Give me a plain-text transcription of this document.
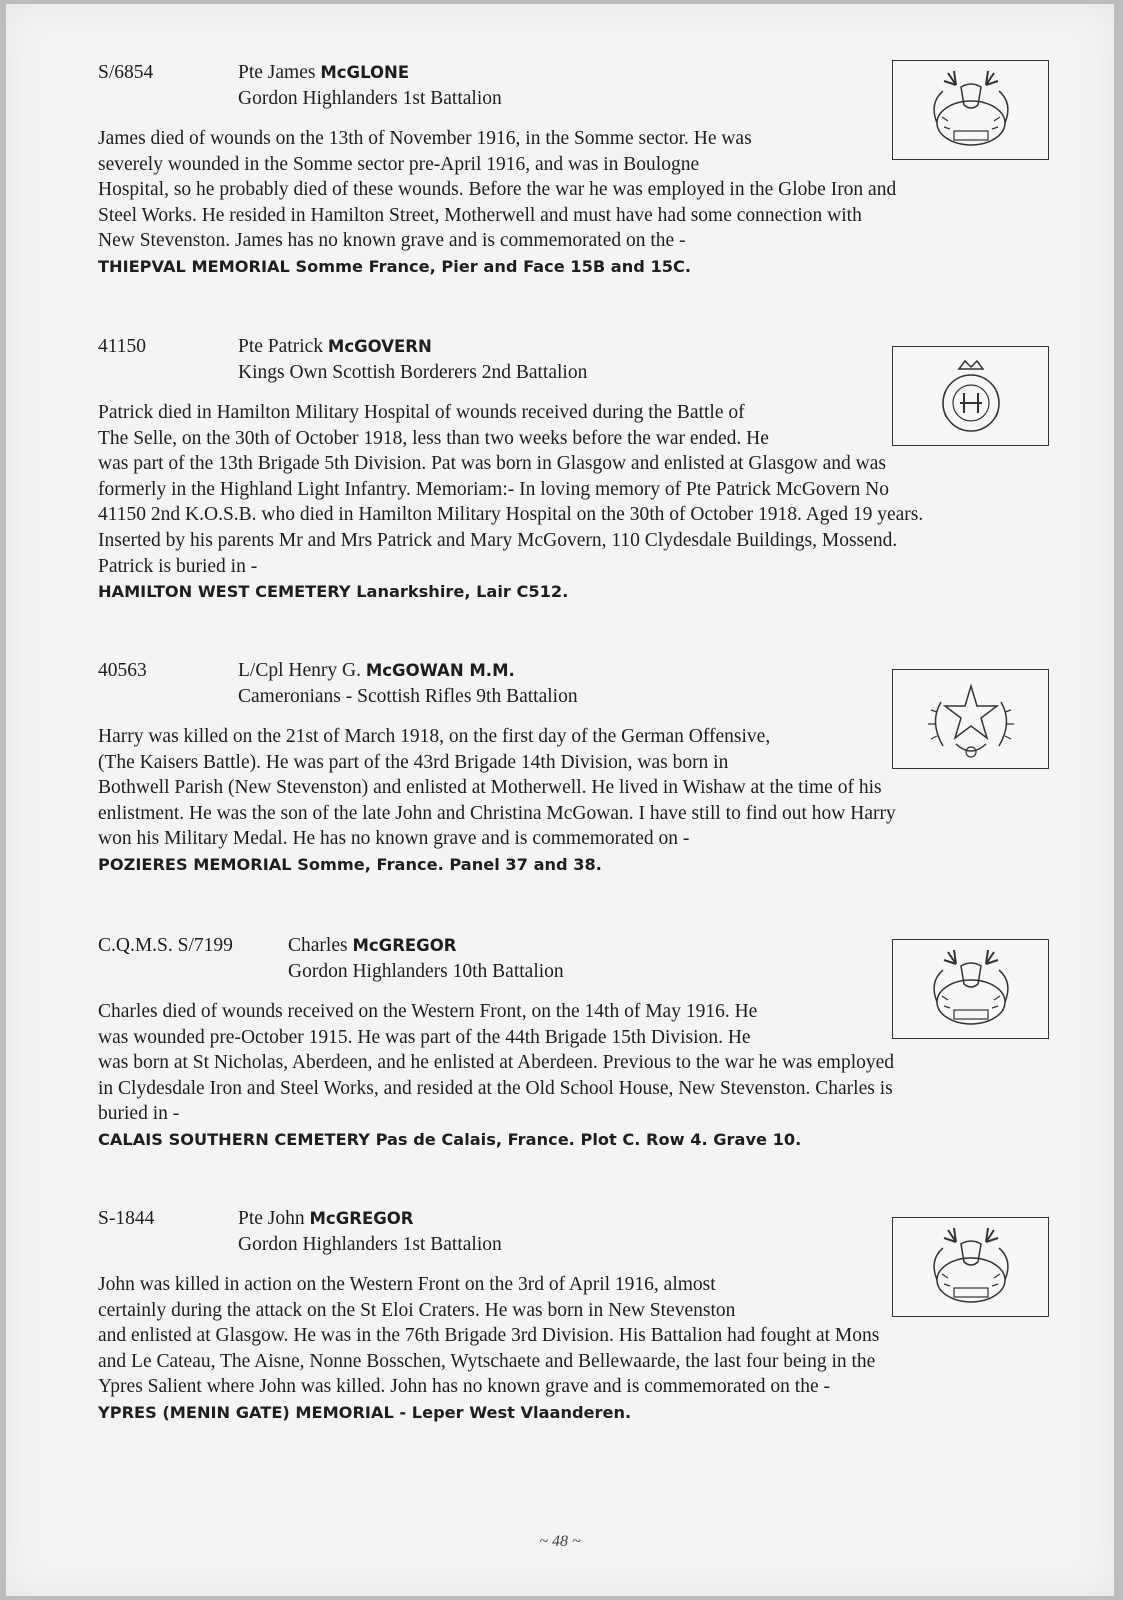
S/6854	Pte James McGLONE
Gordon Highlanders 1st Battalion
James died of wounds on the 13th of November 1916, in the Somme sector. He was
severely wounded in the Somme sector pre-April 1916, and was in Boulogne
Hospital, so he probably died of these wounds. Before the war he was employed in the Globe Iron and
Steel Works. He resided in Hamilton Street, Motherwell and must have had some connection with
New Stevenston. James has no known grave and is commemorated on the -
THIEPVAL MEMORIAL Somme France, Pier and Face 15B and 15C.
41150	Pte Patrick McGOVERN
Kings Own Scottish Borderers 2nd Battalion
Patrick died in Hamilton Military Hospital of wounds received during the Battle of
The Selle, on the 30th of October 1918, less than two weeks before the war ended. He
was part of the 13th Brigade 5th Division. Pat was born in Glasgow and enlisted at Glasgow and was
formerly in the Highland Light Infantry. Memoriam:- In loving memory of Pte Patrick McGovern No
41150 2nd K.O.S.B. who died in Hamilton Military Hospital on the 30th of October 1918. Aged 19 years.
Inserted by his parents Mr and Mrs Patrick and Mary McGovern, 110 Clydesdale Buildings, Mossend.
Patrick is buried in -
HAMILTON WEST CEMETERY Lanarkshire, Lair C512.
40563	L/Cpl Henry G. McGOWAN M.M.
Cameronians - Scottish Rifles 9th Battalion
Harry was killed on the 21st of March 1918, on the first day of the German Offensive,
(The Kaisers Battle). He was part of the 43rd Brigade 14th Division, was born in
Bothwell Parish (New Stevenston) and enlisted at Motherwell. He lived in Wishaw at the time of his
enlistment. He was the son of the late John and Christina McGowan. I have still to find out how Harry
won his Military Medal. He has no known grave and is commemorated on -
POZIERES MEMORIAL Somme, France. Panel 37 and 38.
C.Q.M.S. S/7199	Charles McGREGOR
Gordon Highlanders 10th Battalion
Charles died of wounds received on the Western Front, on the 14th of May 1916. He
was wounded pre-October 1915. He was part of the 44th Brigade 15th Division. He
was born at St Nicholas, Aberdeen, and he enlisted at Aberdeen. Previous to the war he was employed
in Clydesdale Iron and Steel Works, and resided at the Old School House, New Stevenston. Charles is
buried in -
CALAIS SOUTHERN CEMETERY Pas de Calais, France. Plot C. Row 4. Grave 10.
S-1844	Pte John McGREGOR
Gordon Highlanders 1st Battalion
John was killed in action on the Western Front on the 3rd of April 1916, almost
certainly during the attack on the St Eloi Craters. He was born in New Stevenston
and enlisted at Glasgow. He was in the 76th Brigade 3rd Division. His Battalion had fought at Mons
and Le Cateau, The Aisne, Nonne Bosschen, Wytschaete and Bellewaarde, the last four being in the
Ypres Salient where John was killed. John has no known grave and is commemorated on the -
YPRES (MENIN GATE) MEMORIAL - Leper West Vlaanderen.
~ 48 ~
